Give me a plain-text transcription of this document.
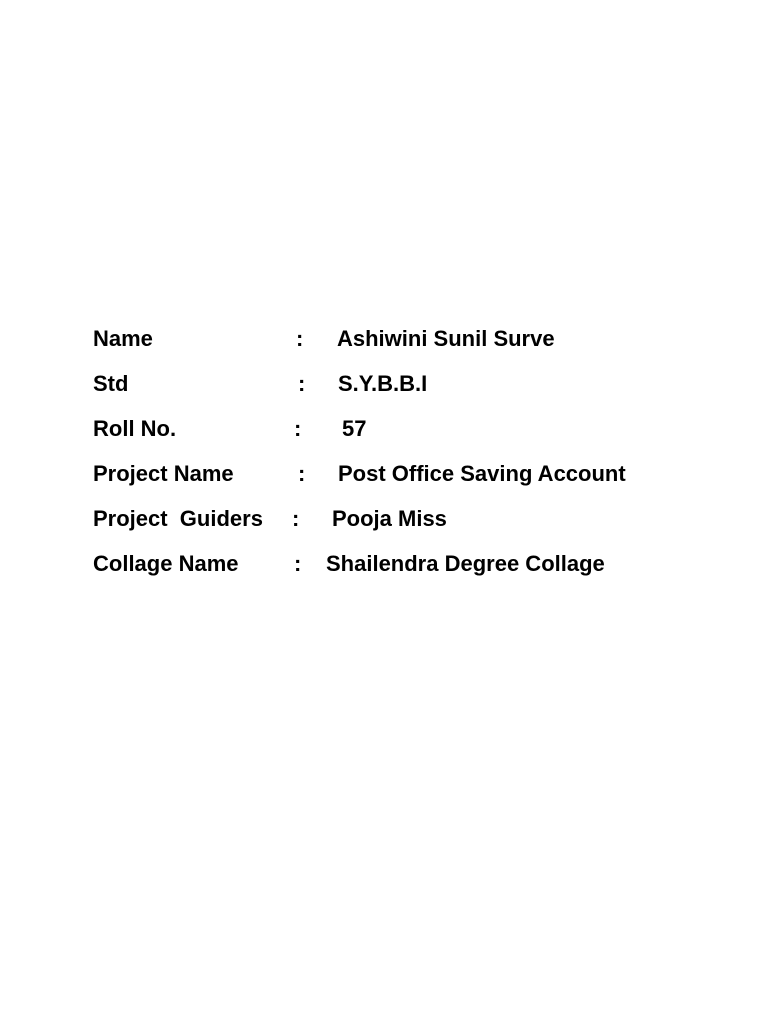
Name	: Ashiwini Sunil Surve
Std	: S.Y.B.B.I
Roll No.	: 57
Project Name	: Post Office Saving Account
Project  Guiders : Pooja Miss
Collage Name	: Shailendra Degree Collage
